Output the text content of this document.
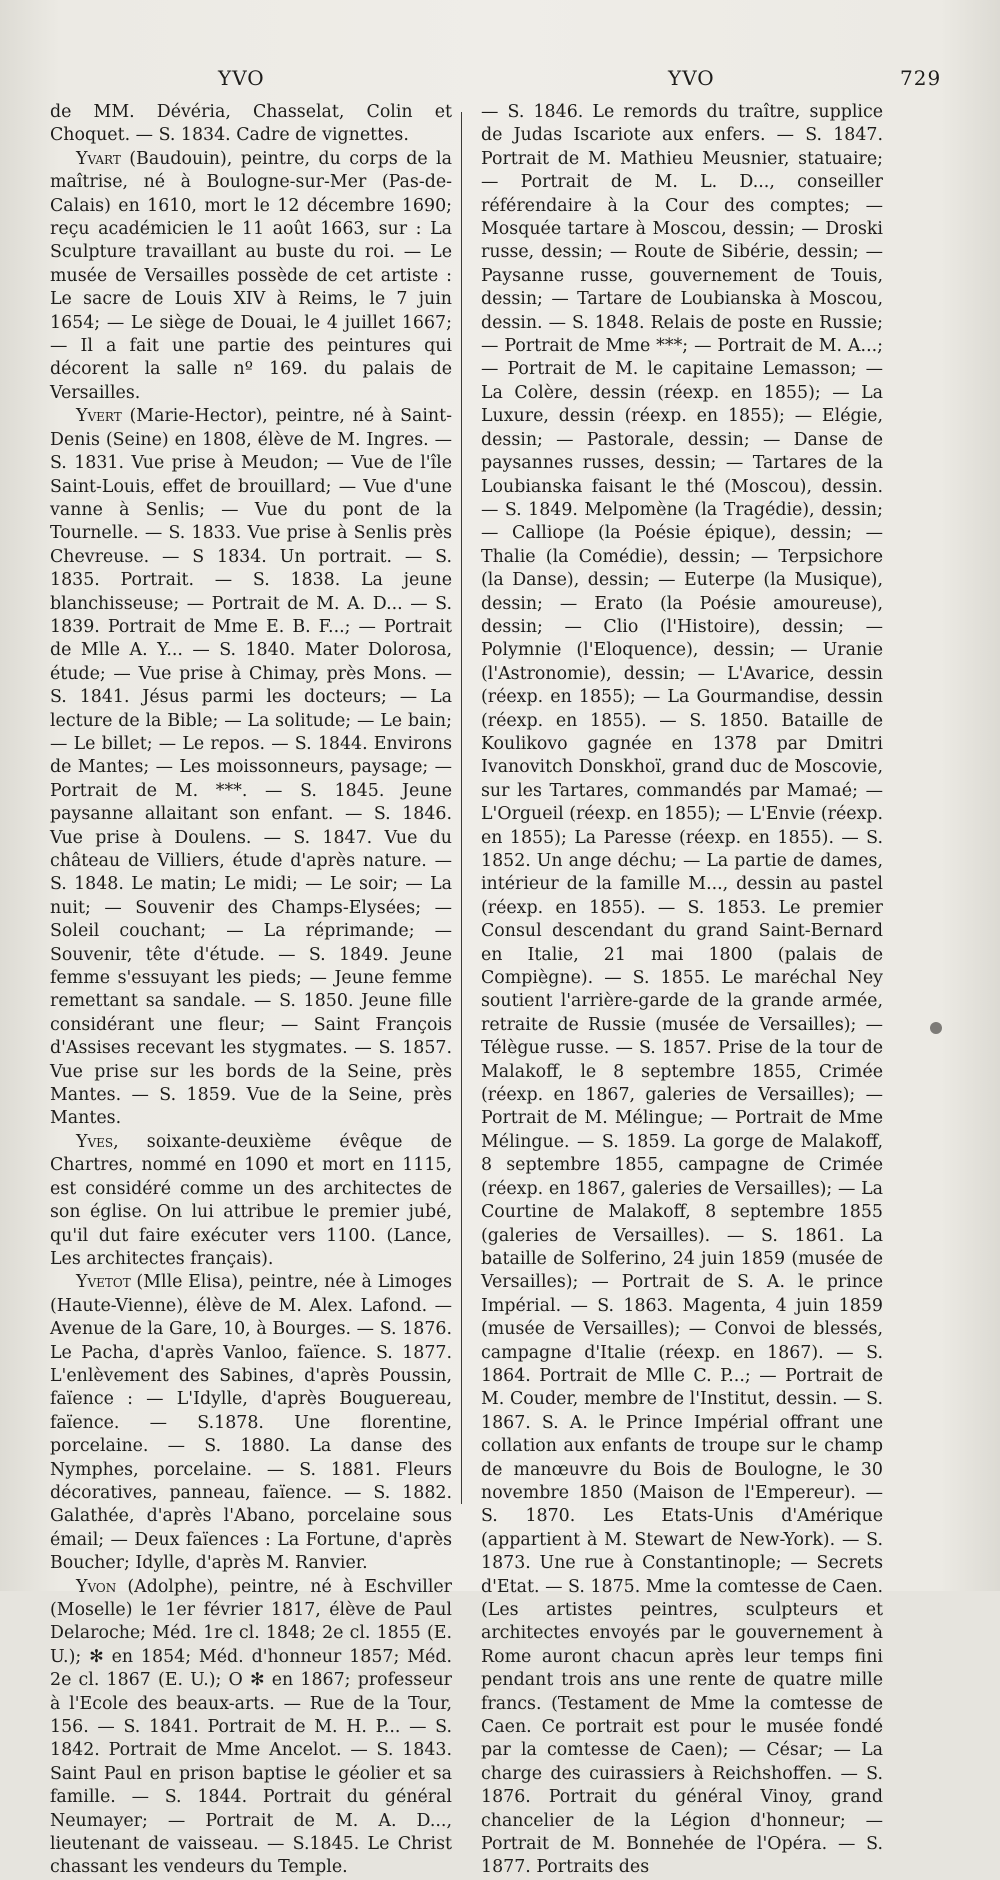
YVO	YVO	729

de MM. Dévéria, Chasselat, Colin et Choquet. — S. 1834. Cadre de vignettes.

Yvart (Baudouin), peintre, du corps de la maîtrise, né à Boulogne-sur-Mer (Pas-de-Calais) en 1610, mort le 12 décembre 1690; reçu académicien le 11 août 1663, sur : La Sculpture travaillant au buste du roi. — Le musée de Versailles possède de cet artiste : Le sacre de Louis XIV à Reims, le 7 juin 1654; — Le siège de Douai, le 4 juillet 1667; — Il a fait une partie des peintures qui décorent la salle nº 169. du palais de Versailles.

Yvert (Marie-Hector), peintre, né à Saint-Denis (Seine) en 1808, élève de M. Ingres. — S. 1831. Vue prise à Meudon; — Vue de l'île Saint-Louis, effet de brouillard; — Vue d'une vanne à Senlis; — Vue du pont de la Tournelle. — S. 1833. Vue prise à Senlis près Chevreuse. — S 1834. Un portrait. — S. 1835. Portrait. — S. 1838. La jeune blanchisseuse; — Portrait de M. A. D... — S. 1839. Portrait de Mme E. B. F...; — Portrait de Mlle A. Y... — S. 1840. Mater Dolorosa, étude; — Vue prise à Chimay, près Mons. — S. 1841. Jésus parmi les docteurs; — La lecture de la Bible; — La solitude; — Le bain; — Le billet; — Le repos. — S. 1844. Environs de Mantes; — Les moissonneurs, paysage; — Portrait de M. ***. — S. 1845. Jeune paysanne allaitant son enfant. — S. 1846. Vue prise à Doulens. — S. 1847. Vue du château de Villiers, étude d'après nature. — S. 1848. Le matin; Le midi; — Le soir; — La nuit; — Souvenir des Champs-Elysées; — Soleil couchant; — La réprimande; — Souvenir, tête d'étude. — S. 1849. Jeune femme s'essuyant les pieds; — Jeune femme remettant sa sandale. — S. 1850. Jeune fille considérant une fleur; — Saint François d'Assises recevant les stygmates. — S. 1857. Vue prise sur les bords de la Seine, près Mantes. — S. 1859. Vue de la Seine, près Mantes.

Yves, soixante-deuxième évêque de Chartres, nommé en 1090 et mort en 1115, est considéré comme un des architectes de son église. On lui attribue le premier jubé, qu'il dut faire exécuter vers 1100. (Lance, Les architectes français).

Yvetot (Mlle Elisa), peintre, née à Limoges (Haute-Vienne), élève de M. Alex. Lafond. — Avenue de la Gare, 10, à Bourges. — S. 1876. Le Pacha, d'après Vanloo, faïence. S. 1877. L'enlèvement des Sabines, d'après Poussin, faïence : — L'Idylle, d'après Bouguereau, faïence. — S.1878. Une florentine, porcelaine. — S. 1880. La danse des Nymphes, porcelaine. — S. 1881. Fleurs décoratives, panneau, faïence. — S. 1882. Galathée, d'après l'Abano, porcelaine sous émail; — Deux faïences : La Fortune, d'après Boucher; Idylle, d'après M. Ranvier.

Yvon (Adolphe), peintre, né à Eschviller (Moselle) le 1er février 1817, élève de Paul Delaroche; Méd. 1re cl. 1848; 2e cl. 1855 (E. U.); ✻ en 1854; Méd. d'honneur 1857; Méd. 2e cl. 1867 (E. U.); O ✻ en 1867; professeur à l'Ecole des beaux-arts. — Rue de la Tour, 156. — S. 1841. Portrait de M. H. P... — S. 1842. Portrait de Mme Ancelot. — S. 1843. Saint Paul en prison baptise le géolier et sa famille. — S. 1844. Portrait du général Neumayer; — Portrait de M. A. D..., lieutenant de vaisseau. — S.1845. Le Christ chassant les vendeurs du Temple.

— S. 1846. Le remords du traître, supplice de Judas Iscariote aux enfers. — S. 1847. Portrait de M. Mathieu Meusnier, statuaire; — Portrait de M. L. D..., conseiller référendaire à la Cour des comptes; — Mosquée tartare à Moscou, dessin; — Droski russe, dessin; — Route de Sibérie, dessin; — Paysanne russe, gouvernement de Touis, dessin; — Tartare de Loubianska à Moscou, dessin. — S. 1848. Relais de poste en Russie; — Portrait de Mme ***; — Portrait de M. A...; — Portrait de M. le capitaine Lemasson; — La Colère, dessin (réexp. en 1855); — La Luxure, dessin (réexp. en 1855); — Elégie, dessin; — Pastorale, dessin; — Danse de paysannes russes, dessin; — Tartares de la Loubianska faisant le thé (Moscou), dessin. — S. 1849. Melpomène (la Tragédie), dessin; — Calliope (la Poésie épique), dessin; — Thalie (la Comédie), dessin; — Terpsichore (la Danse), dessin; — Euterpe (la Musique), dessin; — Erato (la Poésie amoureuse), dessin; — Clio (l'Histoire), dessin; — Polymnie (l'Eloquence), dessin; — Uranie (l'Astronomie), dessin; — L'Avarice, dessin (réexp. en 1855); — La Gourmandise, dessin (réexp. en 1855). — S. 1850. Bataille de Koulikovo gagnée en 1378 par Dmitri Ivanovitch Donskhoï, grand duc de Moscovie, sur les Tartares, commandés par Mamaé; — L'Orgueil (réexp. en 1855); — L'Envie (réexp. en 1855); La Paresse (réexp. en 1855). — S. 1852. Un ange déchu; — La partie de dames, intérieur de la famille M..., dessin au pastel (réexp. en 1855). — S. 1853. Le premier Consul descendant du grand Saint-Bernard en Italie, 21 mai 1800 (palais de Compiègne). — S. 1855. Le maréchal Ney soutient l'arrière-garde de la grande armée, retraite de Russie (musée de Versailles); — Télègue russe. — S. 1857. Prise de la tour de Malakoff, le 8 septembre 1855, Crimée (réexp. en 1867, galeries de Versailles); — Portrait de M. Mélingue; — Portrait de Mme Mélingue. — S. 1859. La gorge de Malakoff, 8 septembre 1855, campagne de Crimée (réexp. en 1867, galeries de Versailles); — La Courtine de Malakoff, 8 septembre 1855 (galeries de Versailles). — S. 1861. La bataille de Solferino, 24 juin 1859 (musée de Versailles); — Portrait de S. A. le prince Impérial. — S. 1863. Magenta, 4 juin 1859 (musée de Versailles); — Convoi de blessés, campagne d'Italie (réexp. en 1867). — S. 1864. Portrait de Mlle C. P...; — Portrait de M. Couder, membre de l'Institut, dessin. — S. 1867. S. A. le Prince Impérial offrant une collation aux enfants de troupe sur le champ de manœuvre du Bois de Boulogne, le 30 novembre 1850 (Maison de l'Empereur). — S. 1870. Les Etats-Unis d'Amérique (appartient à M. Stewart de New-York). — S. 1873. Une rue à Constantinople; — Secrets d'Etat. — S. 1875. Mme la comtesse de Caen. (Les artistes peintres, sculpteurs et architectes envoyés par le gouvernement à Rome auront chacun après leur temps fini pendant trois ans une rente de quatre mille francs. (Testament de Mme la comtesse de Caen. Ce portrait est pour le musée fondé par la comtesse de Caen); — César; — La charge des cuirassiers à Reichshoffen. — S. 1876. Portrait du général Vinoy, grand chancelier de la Légion d'honneur; — Portrait de M. Bonnehée de l'Opéra. — S. 1877. Portraits des
